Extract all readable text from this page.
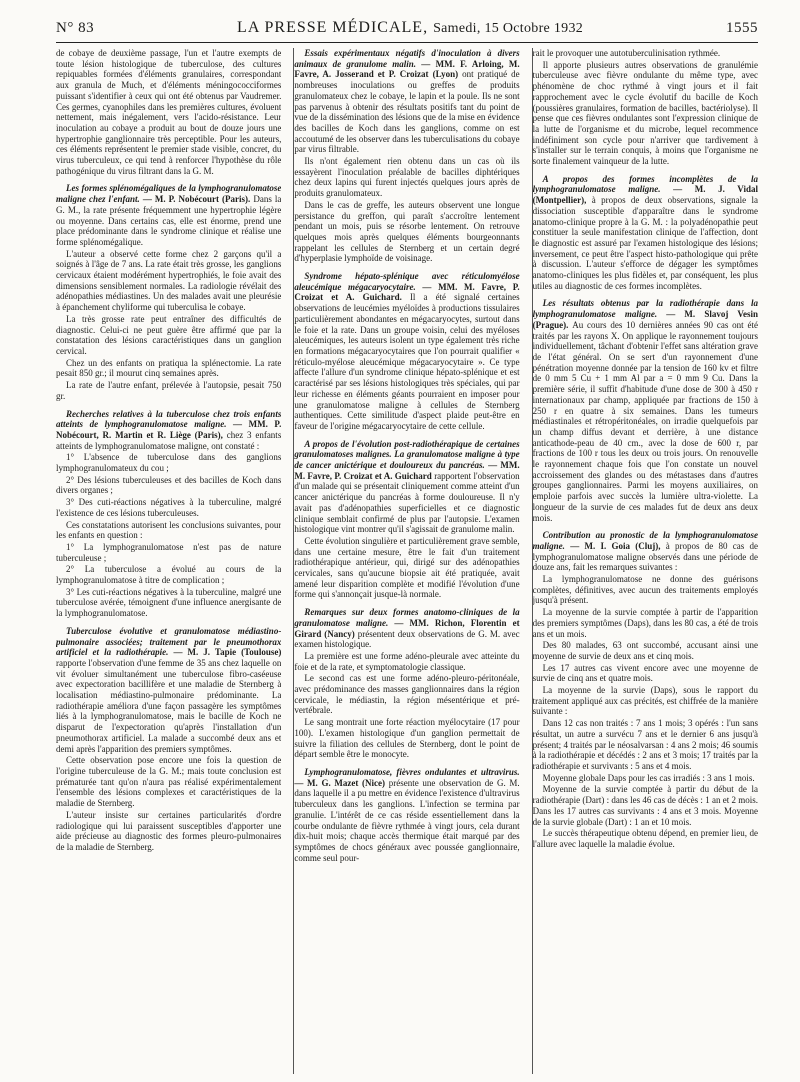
N° 83	LA PRESSE MÉDICALE, Samedi, 15 Octobre 1932	1555

de cobaye de deuxième passage, l'un et l'autre exempts de toute lésion histologique de tuberculose, des cultures repiquables formées d'éléments granulaires, correspondant aux granula de Much, et d'éléments méningococciformes puissant s'identifier à ceux qui ont été obtenus par Vaudremer. Ces germes, cyanophiles dans les premières cultures, évoluent nettement, mais inégalement, vers l'acido-résistance. Leur inoculation au cobaye a produit au bout de douze jours une hypertrophie ganglionnaire très perceptible. Pour les auteurs, ces éléments représentent le premier stade visible, concret, du virus tuberculeux, ce qui tend à renforcer l'hypothèse du rôle pathogénique du virus filtrant dans la G. M.

Les formes splénomégaliques de la lymphogranulomatose maligne chez l'enfant. — M. P. Nobécourt (Paris). Dans la G. M., la rate présente fréquemment une hypertrophie légère ou moyenne. Dans certains cas, elle est énorme, prend une place prédominante dans le syndrome clinique et réalise une forme splénomégalique.

L'auteur a observé cette forme chez 2 garçons qu'il a soignés à l'âge de 7 ans. La rate était très grosse, les ganglions cervicaux étaient modérément hypertrophiés, le foie avait des dimensions sensiblement normales. La radiologie révélait des adénopathies médiastines. Un des malades avait une pleurésie à épanchement chyliforme qui tuberculisa le cobaye.

La très grosse rate peut entraîner des difficultés de diagnostic. Celui-ci ne peut guère être affirmé que par la constatation des lésions caractéristiques dans un ganglion cervical.

Chez un des enfants on pratiqua la splénectomie. La rate pesait 850 gr.; il mourut cinq semaines après.

La rate de l'autre enfant, prélevée à l'autopsie, pesait 750 gr.

Recherches relatives à la tuberculose chez trois enfants atteints de lymphogranulomatose maligne. — MM. P. Nobécourt, R. Martin et R. Liège (Paris), chez 3 enfants atteints de lymphogranulomatose maligne, ont constaté :

1° L'absence de tuberculose dans des ganglions lymphogranulomateux du cou ;

2° Des lésions tuberculeuses et des bacilles de Koch dans divers organes ;

3° Des cuti-réactions négatives à la tuberculine, malgré l'existence de ces lésions tuberculeuses.

Ces constatations autorisent les conclusions suivantes, pour les enfants en question :

1° La lymphogranulomatose n'est pas de nature tuberculeuse ;

2° La tuberculose a évolué au cours de la lymphogranulomatose à titre de complication ;

3° Les cuti-réactions négatives à la tuberculine, malgré une tuberculose avérée, témoignent d'une influence anergisante de la lymphogranulomatose.

Tuberculose évolutive et granulomatose médiastino-pulmonaire associées; traitement par le pneumothorax artificiel et la radiothérapie. — M. J. Tapie (Toulouse) rapporte l'observation d'une femme de 35 ans chez laquelle on vit évoluer simultanément une tuberculose fibro-caséeuse avec expectoration bacillifère et une maladie de Sternberg à localisation médiastino-pulmonaire prédominante. La radiothérapie améliora d'une façon passagère les symptômes liés à la lymphogranulomatose, mais le bacille de Koch ne disparut de l'expectoration qu'après l'installation d'un pneumothorax artificiel. La malade a succombé deux ans et demi après l'apparition des premiers symptômes.

Cette observation pose encore une fois la question de l'origine tuberculeuse de la G. M.; mais toute conclusion est prématurée tant qu'on n'aura pas réalisé expérimentalement l'ensemble des lésions complexes et caractéristiques de la maladie de Sternberg.

L'auteur insiste sur certaines particularités d'ordre radiologique qui lui paraissent susceptibles d'apporter une aide précieuse au diagnostic des formes pleuro-pulmonaires de la maladie de Sternberg.

Essais expérimentaux négatifs d'inoculation à divers animaux de granulome malin. — MM. F. Arloing, M. Favre, A. Josserand et P. Croizat (Lyon) ont pratiqué de nombreuses inoculations ou greffes de produits granulomateux chez le cobaye, le lapin et la poule. Ils ne sont pas parvenus à obtenir des résultats positifs tant du point de vue de la dissémination des lésions que de la mise en évidence des bacilles de Koch dans les ganglions, comme on est accoutumé de les observer dans les tuberculisations du cobaye par virus filtrable.

Ils n'ont également rien obtenu dans un cas où ils essayèrent l'inoculation préalable de bacilles diphtériques chez deux lapins qui furent injectés quelques jours après de produits granulomateux.

Dans le cas de greffe, les auteurs observent une longue persistance du greffon, qui paraît s'accroître lentement pendant un mois, puis se résorbe lentement. On retrouve quelques mois après quelques éléments bourgeonnants rappelant les cellules de Sternberg et un certain degré d'hyperplasie lymphoïde de voisinage.

Syndrome hépato-splénique avec réticulomyélose aleucémique mégacaryocytaire. — MM. M. Favre, P. Croizat et A. Guichard. Il a été signalé certaines observations de leucémies myéloïdes à productions tissulaires particulièrement abondantes en mégacaryocytes, surtout dans le foie et la rate. Dans un groupe voisin, celui des myéloses aleucémiques, les auteurs isolent un type également très riche en formations mégacaryocytaires que l'on pourrait qualifier « réticulo-myélose aleucémique mégacaryocytaire ». Ce type affecte l'allure d'un syndrome clinique hépato-splénique et est caractérisé par ses lésions histologiques très spéciales, qui par leur richesse en éléments géants pourraient en imposer pour une granulomatose maligne à cellules de Sternberg authentiques. Cette similitude d'aspect plaide peut-être en faveur de l'origine mégacaryocytaire de cette cellule.

A propos de l'évolution post-radiothérapique de certaines granulomatoses malignes. La granulomatose maligne à type de cancer anictérique et douloureux du pancréas. — MM. M. Favre, P. Croizat et A. Guichard rapportent l'observation d'un malade qui se présentait cliniquement comme atteint d'un cancer anictérique du pancréas à forme douloureuse. Il n'y avait pas d'adénopathies superficielles et ce diagnostic clinique semblait confirmé de plus par l'autopsie. L'examen histologique vint montrer qu'il s'agissait de granulome malin.

Cette évolution singulière et particulièrement grave semble, dans une certaine mesure, être le fait d'un traitement radiothérapique antérieur, qui, dirigé sur des adénopathies cervicales, sans qu'aucune biopsie ait été pratiquée, avait amené leur disparition complète et modifié l'évolution d'une forme qui s'annonçait jusque-là normale.

Remarques sur deux formes anatomo-cliniques de la granulomatose maligne. — MM. Richon, Florentin et Girard (Nancy) présentent deux observations de G. M. avec examen histologique.

La première est une forme adéno-pleurale avec atteinte du foie et de la rate, et symptomatologie classique.

Le second cas est une forme adéno-pleuro-péritonéale, avec prédominance des masses ganglionnaires dans la région cervicale, le médiastin, la région mésentérique et pré-vertébrale.

Le sang montrait une forte réaction myélocytaire (17 pour 100). L'examen histologique d'un ganglion permettait de suivre la filiation des cellules de Sternberg, dont le point de départ semble être le monocyte.

Lymphogranulomatose, fièvres ondulantes et ultravirus. — M. G. Mazet (Nice) présente une observation de G. M. dans laquelle il a pu mettre en évidence l'existence d'ultravirus tuberculeux dans les ganglions. L'infection se termina par granulie. L'intérêt de ce cas réside essentiellement dans la courbe ondulante de fièvre rythmée à vingt jours, cela durant dix-huit mois; chaque accès thermique était marqué par des symptômes de chocs généraux avec poussée ganglionnaire, comme seul pour-

rait le provoquer une autotuberculinisation rythmée.

Il apporte plusieurs autres observations de granulémie tuberculeuse avec fièvre ondulante du même type, avec phénomène de choc rythmé à vingt jours et il fait rapprochement avec le cycle évolutif du bacille de Koch (poussières granulaires, formation de bacilles, bactériolyse). Il pense que ces fièvres ondulantes sont l'expression clinique de la lutte de l'organisme et du microbe, lequel recommence indéfiniment son cycle pour n'arriver que tardivement à s'installer sur le terrain conquis, à moins que l'organisme ne sorte finalement vainqueur de la lutte.

A propos des formes incomplètes de la lymphogranulomatose maligne. — M. J. Vidal (Montpellier), à propos de deux observations, signale la dissociation susceptible d'apparaître dans le syndrome anatomo-clinique propre à la G. M. : la polyadénopathie peut constituer la seule manifestation clinique de l'affection, dont le diagnostic est assuré par l'examen histologique des lésions; inversement, ce peut être l'aspect histo-pathologique qui prête à discussion. L'auteur s'efforce de dégager les symptômes anatomo-cliniques les plus fidèles et, par conséquent, les plus utiles au diagnostic de ces formes incomplètes.

Les résultats obtenus par la radiothérapie dans la lymphogranulomatose maligne. — M. Slavoj Vesin (Prague). Au cours des 10 dernières années 90 cas ont été traités par les rayons X. On applique le rayonnement toujours individuellement, tâchant d'obtenir l'effet sans altération grave de l'état général. On se sert d'un rayonnement d'une pénétration moyenne donnée par la tension de 160 kv et filtre de 0 mm 5 Cu + 1 mm Al par a = 0 mm 9 Cu. Dans la première série, il suffit d'habitude d'une dose de 300 à 450 r internationaux par champ, appliquée par fractions de 150 à 250 r en quatre à six semaines. Dans les tumeurs médiastinales et rétropéritonéales, on irradie quelquefois par un champ diffus devant et derrière, à une distance anticathode-peau de 40 cm., avec la dose de 600 r, par fractions de 100 r tous les deux ou trois jours. On renouvelle le rayonnement chaque fois que l'on constate un nouvel accroissement des glandes ou des métastases dans d'autres groupes ganglionnaires. Parmi les moyens auxiliaires, on emploie parfois avec succès la lumière ultra-violette. La longueur de la survie de ces malades fut de deux ans deux mois.

Contribution au pronostic de la lymphogranulomatose maligne. — M. I. Goia (Cluj), à propos de 80 cas de lymphogranulomatose maligne observés dans une période de douze ans, fait les remarques suivantes :

La lymphogranulomatose ne donne des guérisons complètes, définitives, avec aucun des traitements employés jusqu'à présent.

La moyenne de la survie comptée à partir de l'apparition des premiers symptômes (Daps), dans les 80 cas, a été de trois ans et un mois.

Des 80 malades, 63 ont succombé, accusant ainsi une moyenne de survie de deux ans et cinq mois.

Les 17 autres cas vivent encore avec une moyenne de survie de cinq ans et quatre mois.

La moyenne de la survie (Daps), sous le rapport du traitement appliqué aux cas précités, est chiffrée de la manière suivante :

Dans 12 cas non traités : 7 ans 1 mois; 3 opérés : l'un sans résultat, un autre a survécu 7 ans et le dernier 6 ans jusqu'à présent; 4 traités par le néosalvarsan : 4 ans 2 mois; 46 soumis à la radiothérapie et décédés : 2 ans et 3 mois; 17 traités par la radiothérapie et survivants : 5 ans et 4 mois.

Moyenne globale Daps pour les cas irradiés : 3 ans 1 mois.

Moyenne de la survie comptée à partir du début de la radiothérapie (Dart) : dans les 46 cas de décès : 1 an et 2 mois. Dans les 17 autres cas survivants : 4 ans et 3 mois. Moyenne de la survie globale (Dart) : 1 an et 10 mois.

Le succès thérapeutique obtenu dépend, en premier lieu, de l'allure avec laquelle la maladie évolue.
